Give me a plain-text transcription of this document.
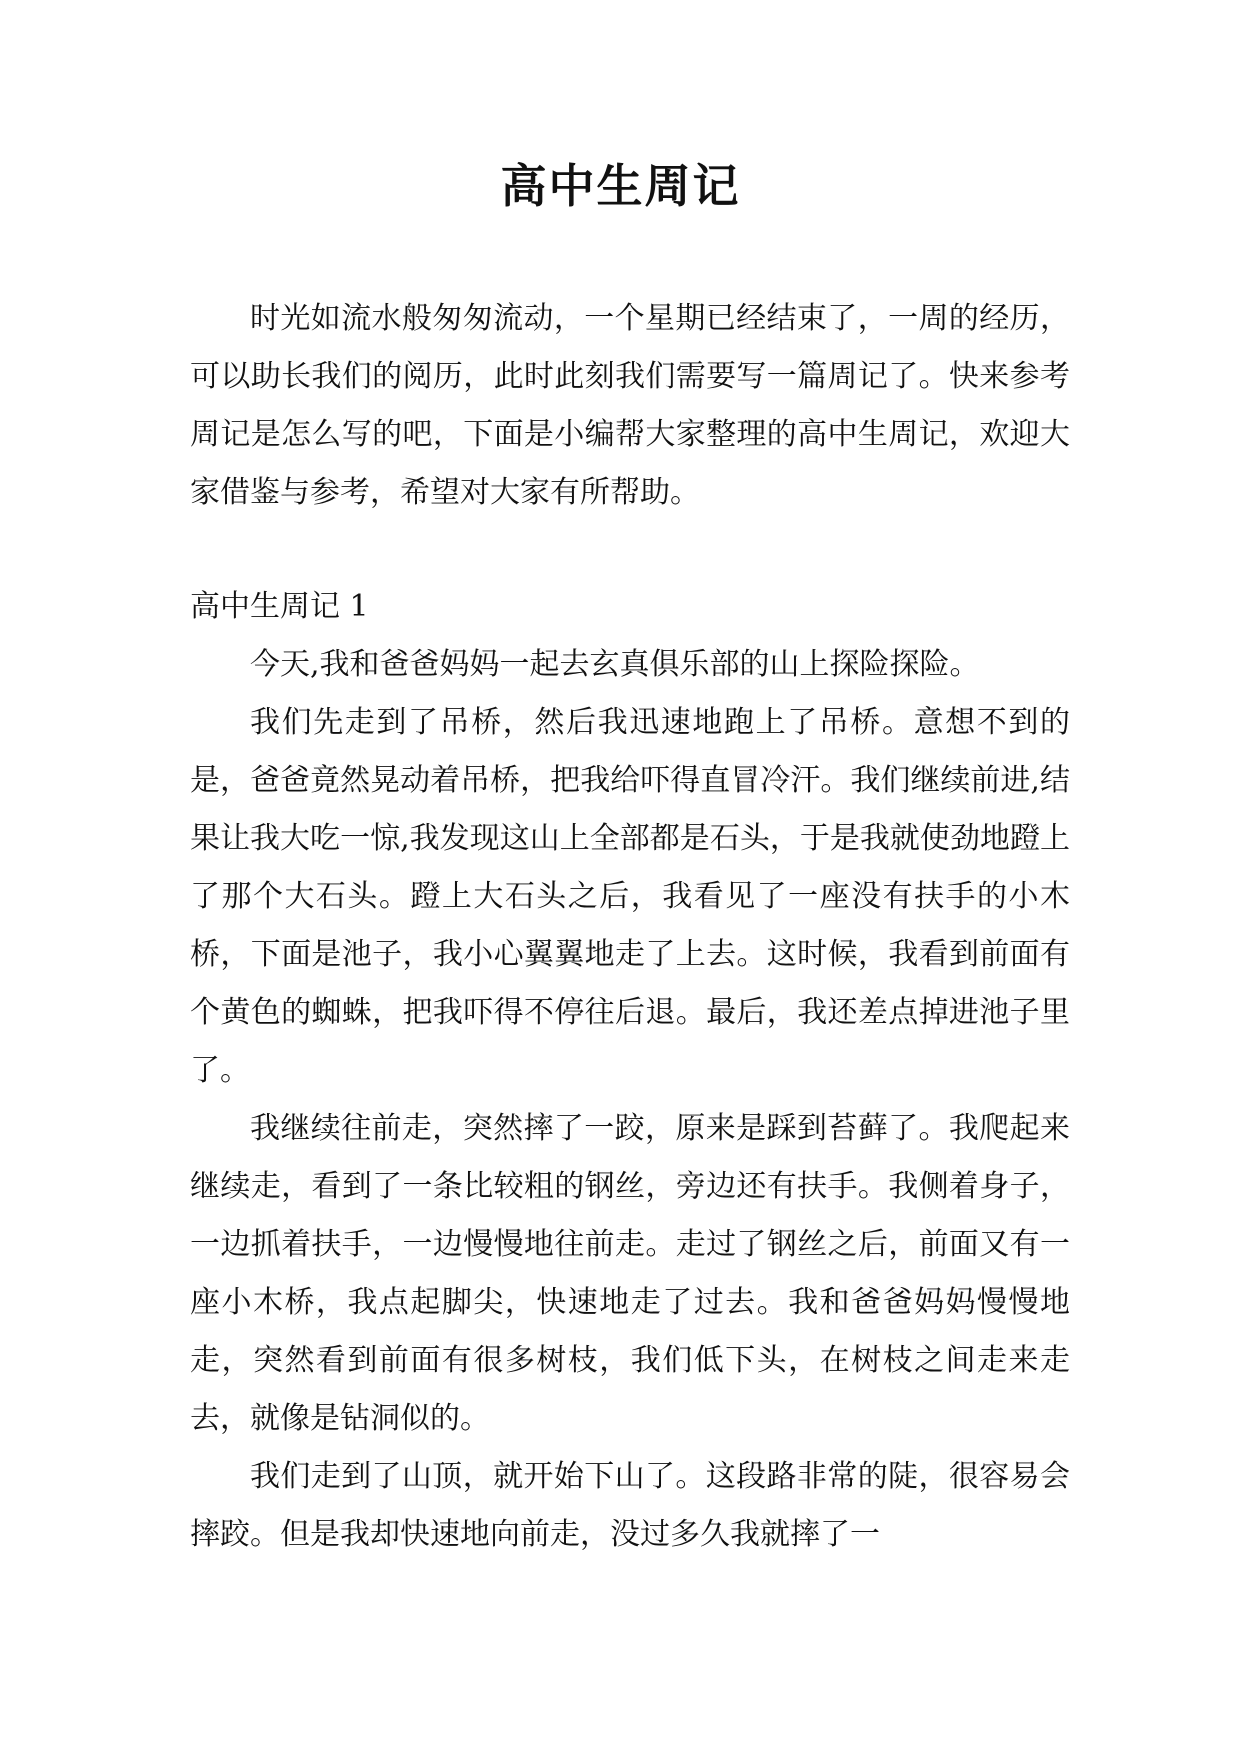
高中生周记

时光如流水般匆匆流动，一个星期已经结束了，一周的经历，可以助长我们的阅历，此时此刻我们需要写一篇周记了。快来参考周记是怎么写的吧，下面是小编帮大家整理的高中生周记，欢迎大家借鉴与参考，希望对大家有所帮助。

高中生周记 1

今天,我和爸爸妈妈一起去玄真俱乐部的山上探险探险。

我们先走到了吊桥，然后我迅速地跑上了吊桥。意想不到的是，爸爸竟然晃动着吊桥，把我给吓得直冒冷汗。我们继续前进,结果让我大吃一惊,我发现这山上全部都是石头，于是我就使劲地蹬上了那个大石头。蹬上大石头之后，我看见了一座没有扶手的小木桥，下面是池子，我小心翼翼地走了上去。这时候，我看到前面有个黄色的蜘蛛，把我吓得不停往后退。最后，我还差点掉进池子里了。

我继续往前走，突然摔了一跤，原来是踩到苔藓了。我爬起来继续走，看到了一条比较粗的钢丝，旁边还有扶手。我侧着身子，一边抓着扶手，一边慢慢地往前走。走过了钢丝之后，前面又有一座小木桥，我点起脚尖，快速地走了过去。我和爸爸妈妈慢慢地走，突然看到前面有很多树枝，我们低下头，在树枝之间走来走去，就像是钻洞似的。

我们走到了山顶，就开始下山了。这段路非常的陡，很容易会摔跤。但是我却快速地向前走，没过多久我就摔了一
